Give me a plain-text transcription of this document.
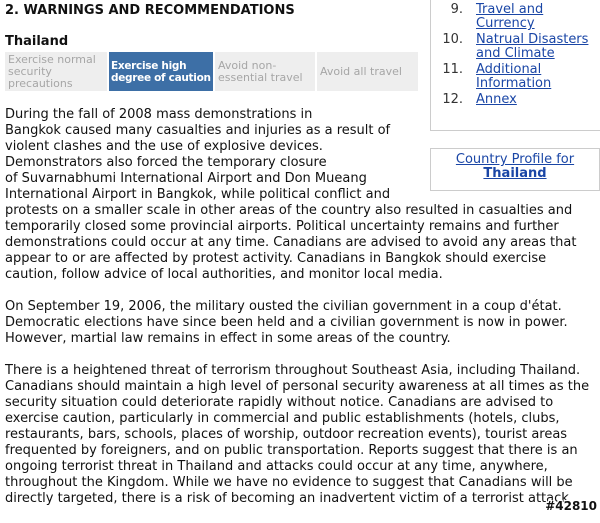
2. WARNINGS AND RECOMMENDATIONS
Thailand
Exercise normal security precautions
Exercise high degree of caution
Avoid non-essential travel	Avoid all travel

During the fall of 2008 mass demonstrations in
Bangkok caused many casualties and injuries as a result of
violent clashes and the use of explosive devices.
Demonstrators also forced the temporary closure
of Suvarnabhumi International Airport and Don Mueang
International Airport in Bangkok, while political conflict and
protests on a smaller scale in other areas of the country also resulted in casualties and
temporarily closed some provincial airports. Political uncertainty remains and further
demonstrations could occur at any time. Canadians are advised to avoid any areas that
appear to or are affected by protest activity. Canadians in Bangkok should exercise
caution, follow advice of local authorities, and monitor local media.

On September 19, 2006, the military ousted the civilian government in a coup d'état.
Democratic elections have since been held and a civilian government is now in power.
However, martial law remains in effect in some areas of the country.

There is a heightened threat of terrorism throughout Southeast Asia, including Thailand.
Canadians should maintain a high level of personal security awareness at all times as the
security situation could deteriorate rapidly without notice. Canadians are advised to
exercise caution, particularly in commercial and public establishments (hotels, clubs,
restaurants, bars, schools, places of worship, outdoor recreation events), tourist areas
frequented by foreigners, and on public transportation. Reports suggest that there is an
ongoing terrorist threat in Thailand and attacks could occur at any time, anywhere,
throughout the Kingdom. While we have no evidence to suggest that Canadians will be
directly targeted, there is a risk of becoming an inadvertent victim of a terrorist attack

9. Travel and Currency
10. Natrual Disasters and Climate
11. Additional Information
12. Annex
Country Profile for
Thailand
#42810
